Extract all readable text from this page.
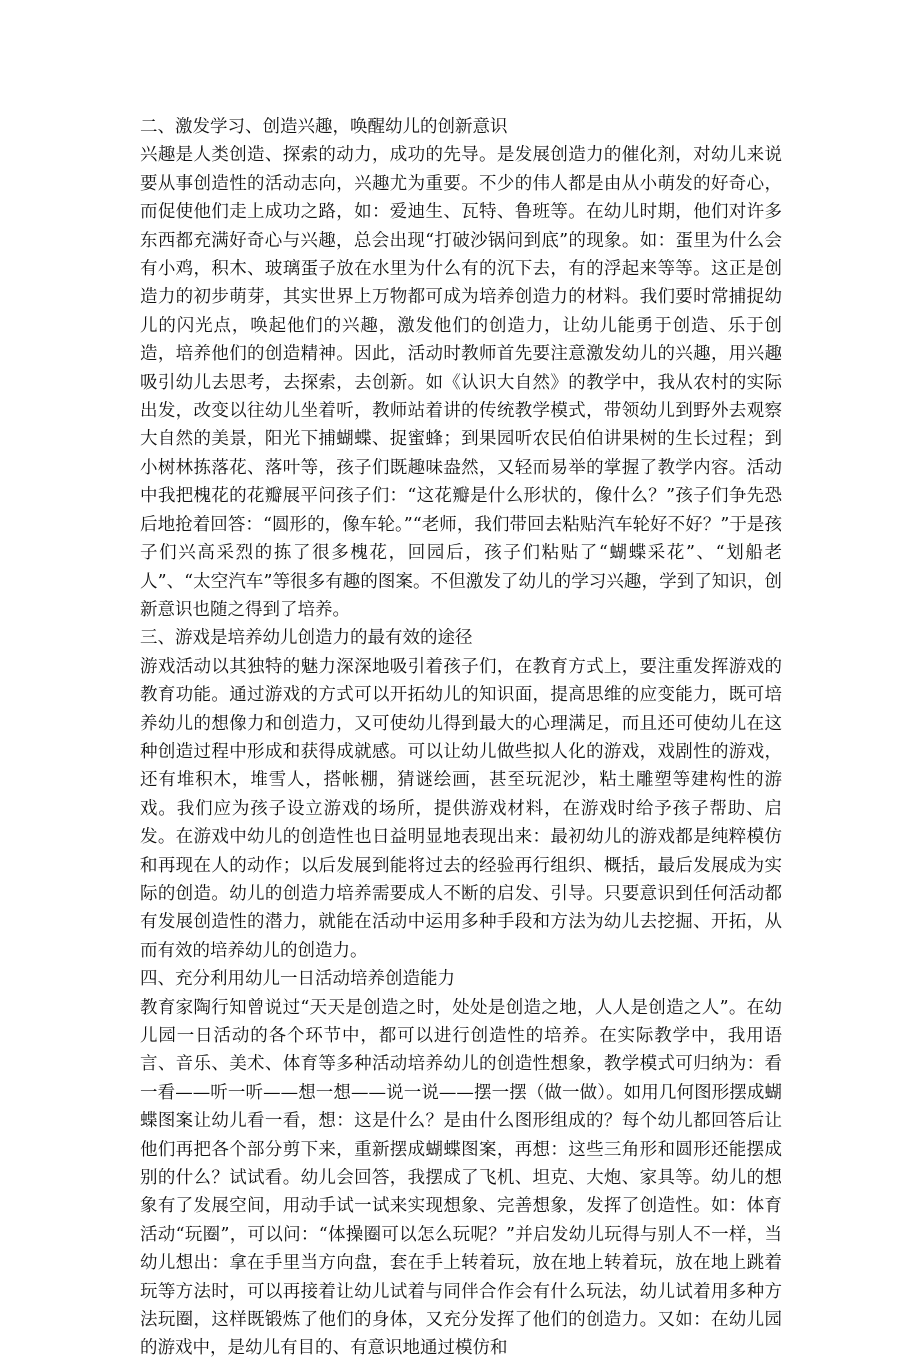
二、激发学习、创造兴趣，唤醒幼儿的创新意识

兴趣是人类创造、探索的动力，成功的先导。是发展创造力的催化剂，对幼儿来说要从事创造性的活动志向，兴趣尤为重要。不少的伟人都是由从小萌发的好奇心，而促使他们走上成功之路，如：爱迪生、瓦特、鲁班等。在幼儿时期，他们对许多东西都充满好奇心与兴趣，总会出现“打破沙锅问到底”的现象。如：蛋里为什么会有小鸡，积木、玻璃蛋子放在水里为什么有的沉下去，有的浮起来等等。这正是创造力的初步萌芽，其实世界上万物都可成为培养创造力的材料。我们要时常捕捉幼儿的闪光点，唤起他们的兴趣，激发他们的创造力，让幼儿能勇于创造、乐于创造，培养他们的创造精神。因此，活动时教师首先要注意激发幼儿的兴趣，用兴趣吸引幼儿去思考，去探索，去创新。如《认识大自然》的教学中，我从农村的实际出发，改变以往幼儿坐着听，教师站着讲的传统教学模式，带领幼儿到野外去观察大自然的美景，阳光下捕蝴蝶、捉蜜蜂；到果园听农民伯伯讲果树的生长过程；到小树林拣落花、落叶等，孩子们既趣味盎然，又轻而易举的掌握了教学内容。活动中我把槐花的花瓣展平问孩子们：“这花瓣是什么形状的，像什么？”孩子们争先恐后地抢着回答：“圆形的，像车轮。”“老师，我们带回去粘贴汽车轮好不好？”于是孩子们兴高采烈的拣了很多槐花，回园后，孩子们粘贴了“蝴蝶采花”、“划船老人”、“太空汽车”等很多有趣的图案。不但激发了幼儿的学习兴趣，学到了知识，创新意识也随之得到了培养。

三、游戏是培养幼儿创造力的最有效的途径

游戏活动以其独特的魅力深深地吸引着孩子们，在教育方式上，要注重发挥游戏的教育功能。通过游戏的方式可以开拓幼儿的知识面，提高思维的应变能力，既可培养幼儿的想像力和创造力，又可使幼儿得到最大的心理满足，而且还可使幼儿在这种创造过程中形成和获得成就感。可以让幼儿做些拟人化的游戏，戏剧性的游戏，还有堆积木，堆雪人，搭帐棚，猜谜绘画，甚至玩泥沙，粘土雕塑等建构性的游戏。我们应为孩子设立游戏的场所，提供游戏材料，在游戏时给予孩子帮助、启发。在游戏中幼儿的创造性也日益明显地表现出来：最初幼儿的游戏都是纯粹模仿和再现在人的动作；以后发展到能将过去的经验再行组织、概括，最后发展成为实际的创造。幼儿的创造力培养需要成人不断的启发、引导。只要意识到任何活动都有发展创造性的潜力，就能在活动中运用多种手段和方法为幼儿去挖掘、开拓，从而有效的培养幼儿的创造力。

四、充分利用幼儿一日活动培养创造能力

教育家陶行知曾说过“天天是创造之时，处处是创造之地，人人是创造之人”。在幼儿园一日活动的各个环节中，都可以进行创造性的培养。在实际教学中，我用语言、音乐、美术、体育等多种活动培养幼儿的创造性想象，教学模式可归纳为：看一看——听一听——想一想——说一说——摆一摆（做一做）。如用几何图形摆成蝴蝶图案让幼儿看一看，想：这是什么？是由什么图形组成的？每个幼儿都回答后让他们再把各个部分剪下来，重新摆成蝴蝶图案，再想：这些三角形和圆形还能摆成别的什么？试试看。幼儿会回答，我摆成了飞机、坦克、大炮、家具等。幼儿的想象有了发展空间，用动手试一试来实现想象、完善想象，发挥了创造性。如：体育活动“玩圈”，可以问：“体操圈可以怎么玩呢？”并启发幼儿玩得与别人不一样，当幼儿想出：拿在手里当方向盘，套在手上转着玩，放在地上转着玩，放在地上跳着玩等方法时，可以再接着让幼儿试着与同伴合作会有什么玩法，幼儿试着用多种方法玩圈，这样既锻炼了他们的身体，又充分发挥了他们的创造力。又如：在幼儿园的游戏中，是幼儿有目的、有意识地通过模仿和
